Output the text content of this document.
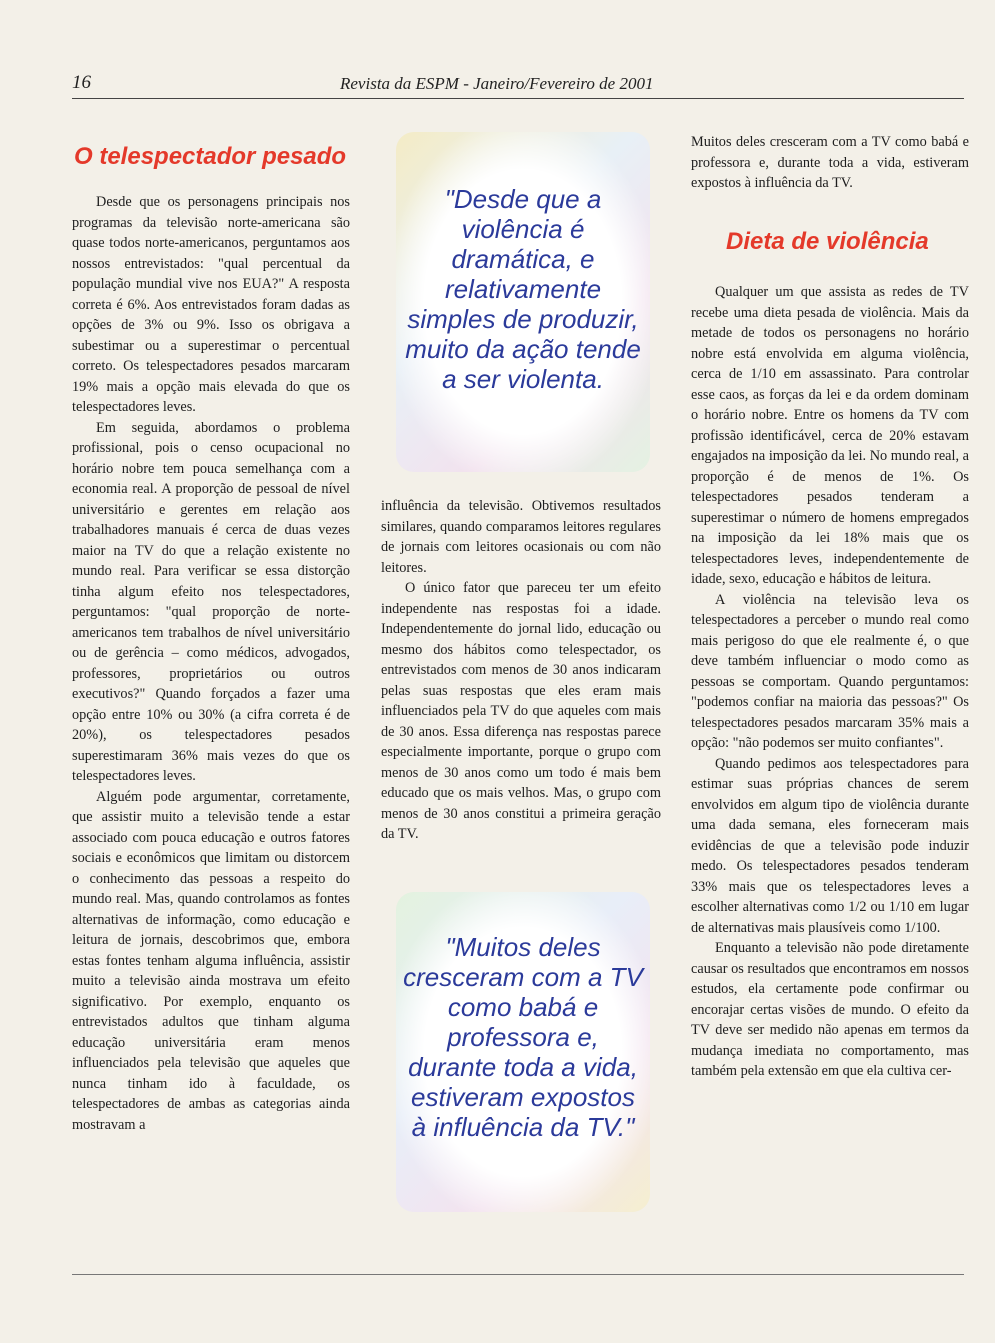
16	Revista da ESPM - Janeiro/Fevereiro de 2001
O telespectador pesado

Desde que os personagens principais nos programas da televisão norte-americana são quase todos norte-americanos, perguntamos aos nossos entrevistados: "qual percentual da população mundial vive nos EUA?" A resposta correta é 6%. Aos entrevistados foram dadas as opções de 3% ou 9%. Isso os obrigava a subestimar ou a superestimar o percentual correto. Os telespectadores pesados marcaram 19% mais a opção mais elevada do que os telespectadores leves.

Em seguida, abordamos o problema profissional, pois o censo ocupacional no horário nobre tem pouca semelhança com a economia real. A proporção de pessoal de nível universitário e gerentes em relação aos trabalhadores manuais é cerca de duas vezes maior na TV do que a relação existente no mundo real. Para verificar se essa distorção tinha algum efeito nos telespectadores, perguntamos: "qual proporção de norte-americanos tem trabalhos de nível universitário ou de gerência – como médicos, advogados, professores, proprietários ou outros executivos?" Quando forçados a fazer uma opção entre 10% ou 30% (a cifra correta é de 20%), os telespectadores pesados superestimaram 36% mais vezes do que os telespectadores leves.

Alguém pode argumentar, corretamente, que assistir muito a televisão tende a estar associado com pouca educação e outros fatores sociais e econômicos que limitam ou distorcem o conhecimento das pessoas a respeito do mundo real. Mas, quando controlamos as fontes alternativas de informação, como educação e leitura de jornais, descobrimos que, embora estas fontes tenham alguma influência, assistir muito a televisão ainda mostrava um efeito significativo. Por exemplo, enquanto os entrevistados adultos que tinham alguma educação universitária eram menos influenciados pela televisão que aqueles que nunca tinham ido à faculdade, os telespectadores de ambas as categorias ainda mostravam a

"Desde que a violência é dramática, e relativamente simples de produzir, muito da ação tende a ser violenta.

influência da televisão. Obtivemos resultados similares, quando comparamos leitores regulares de jornais com leitores ocasionais ou com não leitores.

O único fator que pareceu ter um efeito independente nas respostas foi a idade. Independentemente do jornal lido, educação ou mesmo dos hábitos como telespectador, os entrevistados com menos de 30 anos indicaram pelas suas respostas que eles eram mais influenciados pela TV do que aqueles com mais de 30 anos. Essa diferença nas respostas parece especialmente importante, porque o grupo com menos de 30 anos como um todo é mais bem educado que os mais velhos. Mas, o grupo com menos de 30 anos constitui a primeira geração da TV.

"Muitos deles cresceram com a TV como babá e professora e, durante toda a vida, estiveram expostos à influência da TV."

Muitos deles cresceram com a TV como babá e professora e, durante toda a vida, estiveram expostos à influência da TV.

Dieta de violência

Qualquer um que assista as redes de TV recebe uma dieta pesada de violência. Mais da metade de todos os personagens no horário nobre está envolvida em alguma violência, cerca de 1/10 em assassinato. Para controlar esse caos, as forças da lei e da ordem dominam o horário nobre. Entre os homens da TV com profissão identificável, cerca de 20% estavam engajados na imposição da lei. No mundo real, a proporção é de menos de 1%. Os telespectadores pesados tenderam a superestimar o número de homens empregados na imposição da lei 18% mais que os telespectadores leves, independentemente de idade, sexo, educação e hábitos de leitura.

A violência na televisão leva os telespectadores a perceber o mundo real como mais perigoso do que ele realmente é, o que deve também influenciar o modo como as pessoas se comportam. Quando perguntamos: "podemos confiar na maioria das pessoas?" Os telespectadores pesados marcaram 35% mais a opção: "não podemos ser muito confiantes".

Quando pedimos aos telespectadores para estimar suas próprias chances de serem envolvidos em algum tipo de violência durante uma dada semana, eles forneceram mais evidências de que a televisão pode induzir medo. Os telespectadores pesados tenderam 33% mais que os telespectadores leves a escolher alternativas como 1/2 ou 1/10 em lugar de alternativas mais plausíveis como 1/100.

Enquanto a televisão não pode diretamente causar os resultados que encontramos em nossos estudos, ela certamente pode confirmar ou encorajar certas visões de mundo. O efeito da TV deve ser medido não apenas em termos da mudança imediata no comportamento, mas também pela extensão em que ela cultiva cer-
